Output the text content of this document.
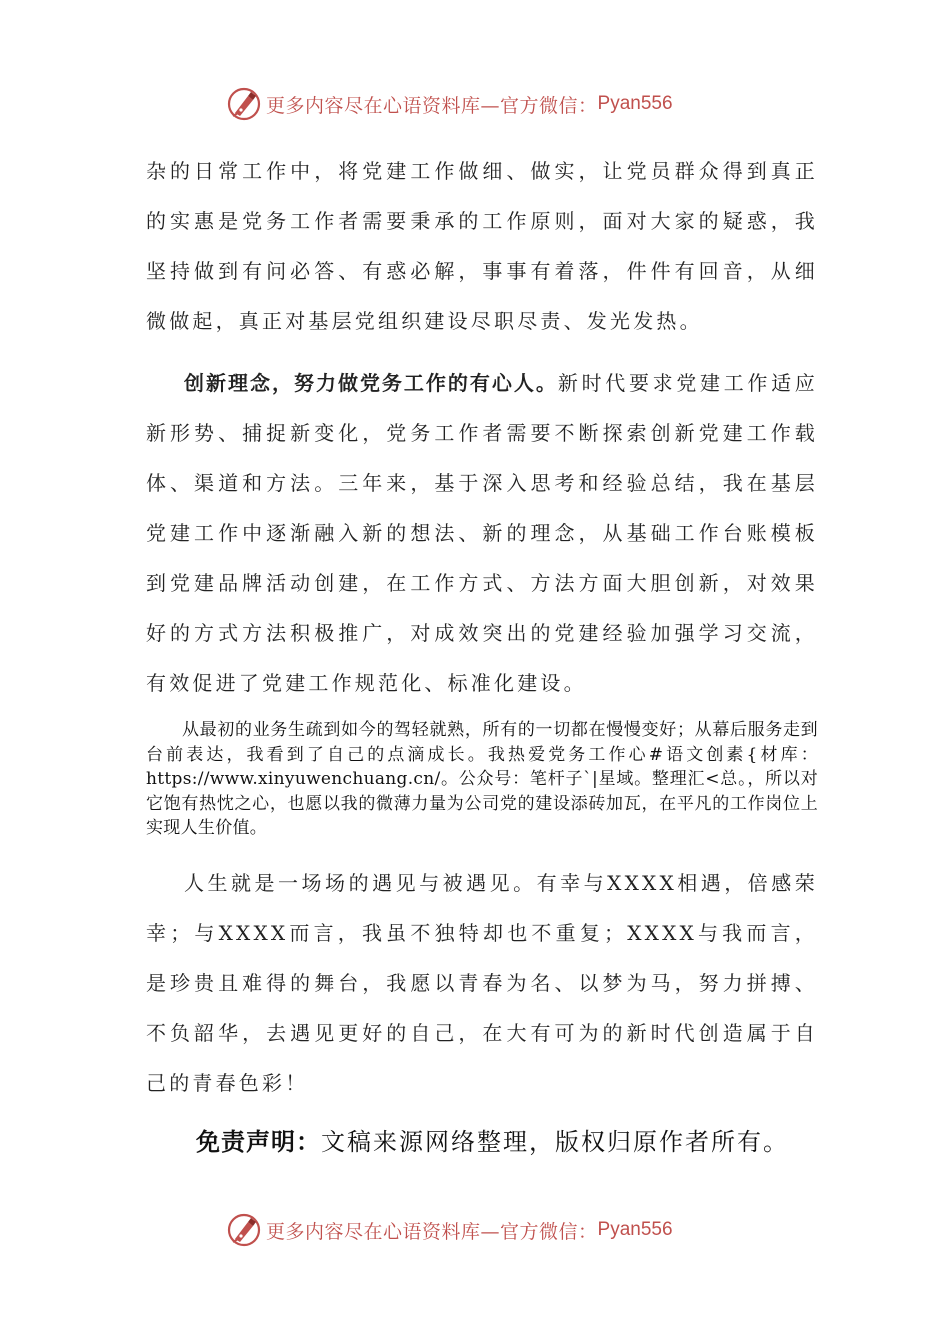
更多内容尽在心语资料库—官方微信： Pyan556

杂的日常工作中，将党建工作做细、做实，让党员群众得到真正的实惠是党务工作者需要秉承的工作原则，面对大家的疑惑，我坚持做到有问必答、有惑必解，事事有着落，件件有回音，从细微做起，真正对基层党组织建设尽职尽责、发光发热。

创新理念，努力做党务工作的有心人。新时代要求党建工作适应新形势、捕捉新变化，党务工作者需要不断探索创新党建工作载体、渠道和方法。三年来，基于深入思考和经验总结，我在基层党建工作中逐渐融入新的想法、新的理念，从基础工作台账模板到党建品牌活动创建，在工作方式、方法方面大胆创新，对效果好的方式方法积极推广，对成效突出的党建经验加强学习交流，有效促进了党建工作规范化、标准化建设。

从最初的业务生疏到如今的驾轻就熟，所有的一切都在慢慢变好；从幕后服务走到台前表达，我看到了自己的点滴成长。我热爱党务工作心#语文创素{材库：https://www.xinyuwenchuang.cn/。公众号：笔杆子`|星域。整理汇<总。，所以对它饱有热忱之心，也愿以我的微薄力量为公司党的建设添砖加瓦，在平凡的工作岗位上实现人生价值。

人生就是一场场的遇见与被遇见。有幸与XXXX相遇，倍感荣幸；与XXXX而言，我虽不独特却也不重复；XXXX与我而言，是珍贵且难得的舞台，我愿以青春为名、以梦为马，努力拼搏、不负韶华，去遇见更好的自己，在大有可为的新时代创造属于自己的青春色彩！

免责声明：文稿来源网络整理，版权归原作者所有。
更多内容尽在心语资料库—官方微信： Pyan556
